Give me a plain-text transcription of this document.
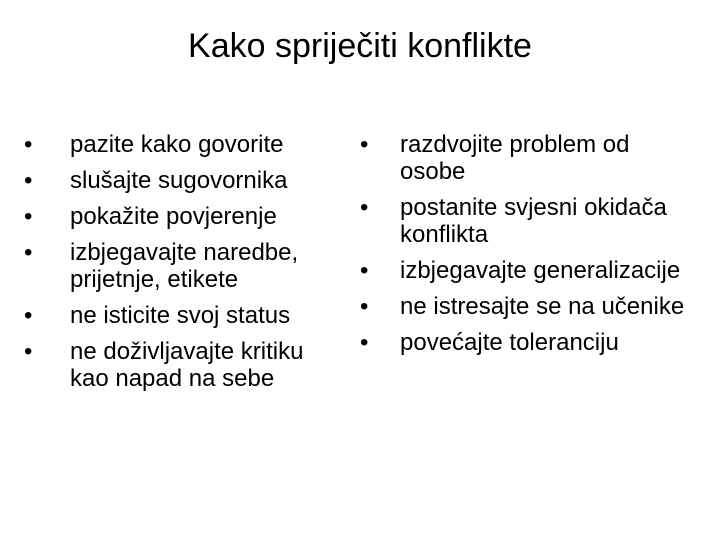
Kako spriječiti konflikte
•	pazite kako govorite
•	slušajte sugovornika
•	pokažite povjerenje
•	izbjegavajte naredbe, prijetnje, etikete
•	ne isticite svoj status
•	ne doživljavajte kritiku kao napad na sebe
•	razdvojite problem od osobe
•	postanite svjesni okidača konflikta
•	izbjegavajte generalizacije
•	ne istresajte se na učenike
•	povećajte toleranciju
